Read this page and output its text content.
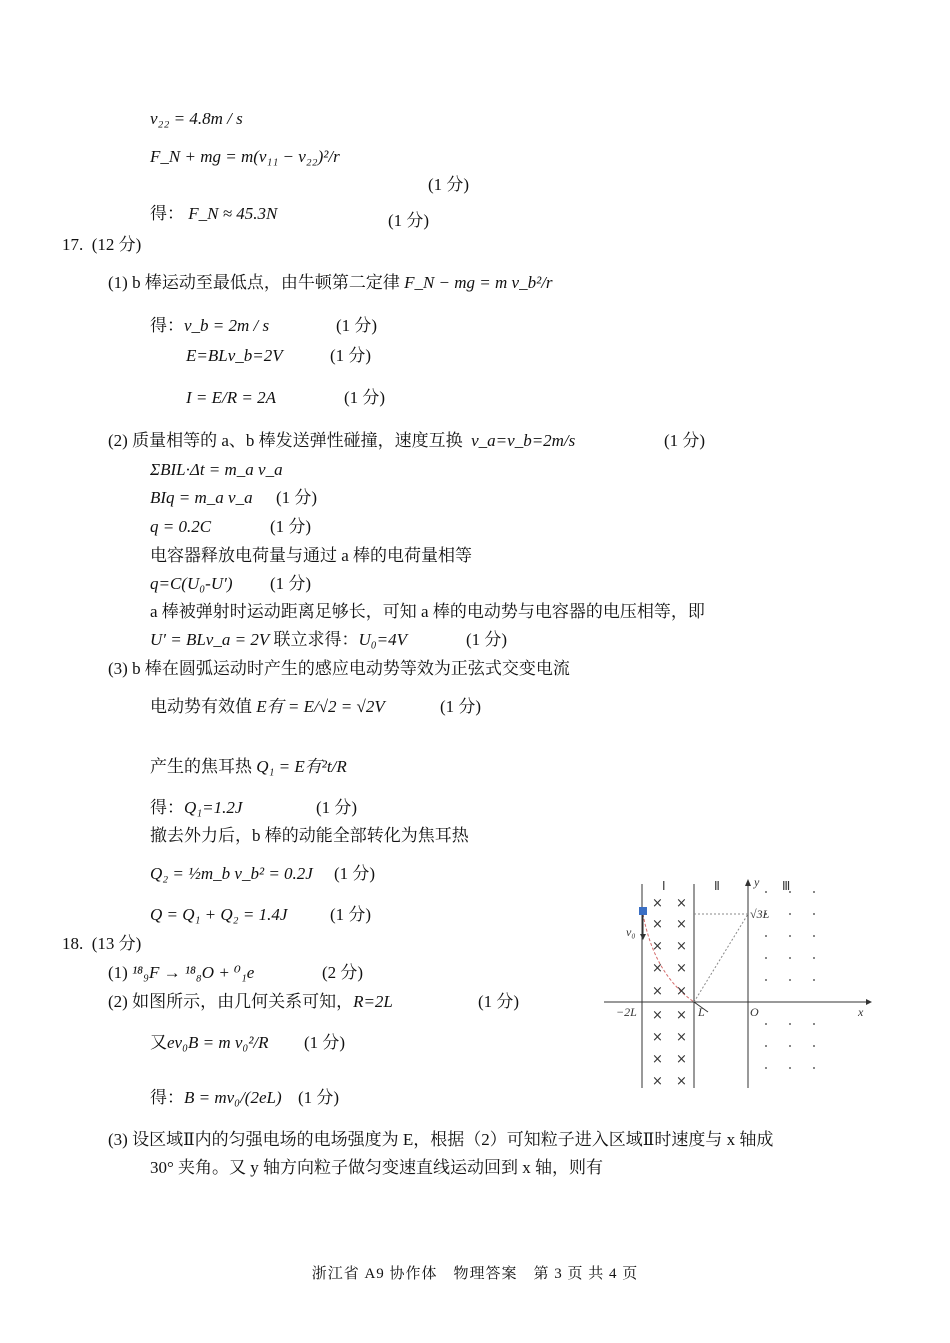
v₂₂ = 4.8m / s
F_N + mg = m(v₁₁ − v₂₂)²/r
(1 分)
得： F_N ≈ 45.3N	(1 分)
17. (12 分)
(1) b 棒运动至最低点，由牛顿第二定律 F_N − mg = m v_b²/r
得：v_b = 2m / s	(1 分)
E=BLv_b=2V	(1 分)
I = E/R = 2A	(1 分)
(2) 质量相等的 a、b 棒发送弹性碰撞，速度互换 v_a=v_b=2m/s	(1 分)
ΣBIL·Δt = m_a v_a
BIq = m_a v_a (1 分)
q = 0.2C	(1 分)
电容器释放电荷量与通过 a 棒的电荷量相等
q=C(U₀-U′) (1 分)
a 棒被弹射时运动距离足够长，可知 a 棒的电动势与电容器的电压相等，即
U′ = BLv_a = 2V 联立求得：U₀=4V	(1 分)
(3) b 棒在圆弧运动时产生的感应电动势等效为正弦式交变电流
电动势有效值 E有 = E/√2 = √2V	(1 分)
产生的焦耳热 Q₁ = E有²t/R
得：Q₁=1.2J	(1 分)
撤去外力后，b 棒的动能全部转化为焦耳热
Q₂ = ½m_b v_b² = 0.2J (1 分)
Q = Q₁ + Q₂ = 1.4J	(1 分)
18. (13 分)
(1) ¹⁸₉F → ¹⁸₈O + ⁰₁e	(2 分)
(2) 如图所示，由几何关系可知，R=2L	(1 分)
又ev₀B = m v₀²/R (1 分)
得：B = mv₀/(2eL) (1 分)
(3) 设区域Ⅱ内的匀强电场的电场强度为 E，根据（2）可知粒子进入区域Ⅱ时速度与 x 轴成
30° 夹角。又 y 轴方向粒子做匀变速直线运动回到 x 轴，则有
× ×
× ×
× ×
× ×
× ×
× ×
× ×
× ×
× ×
Ⅰ	Ⅱ	Ⅲ
y
x
O
v₀
−2L	L
√3L
浙江省 A9 协作体　物理答案　第 3 页 共 4 页
